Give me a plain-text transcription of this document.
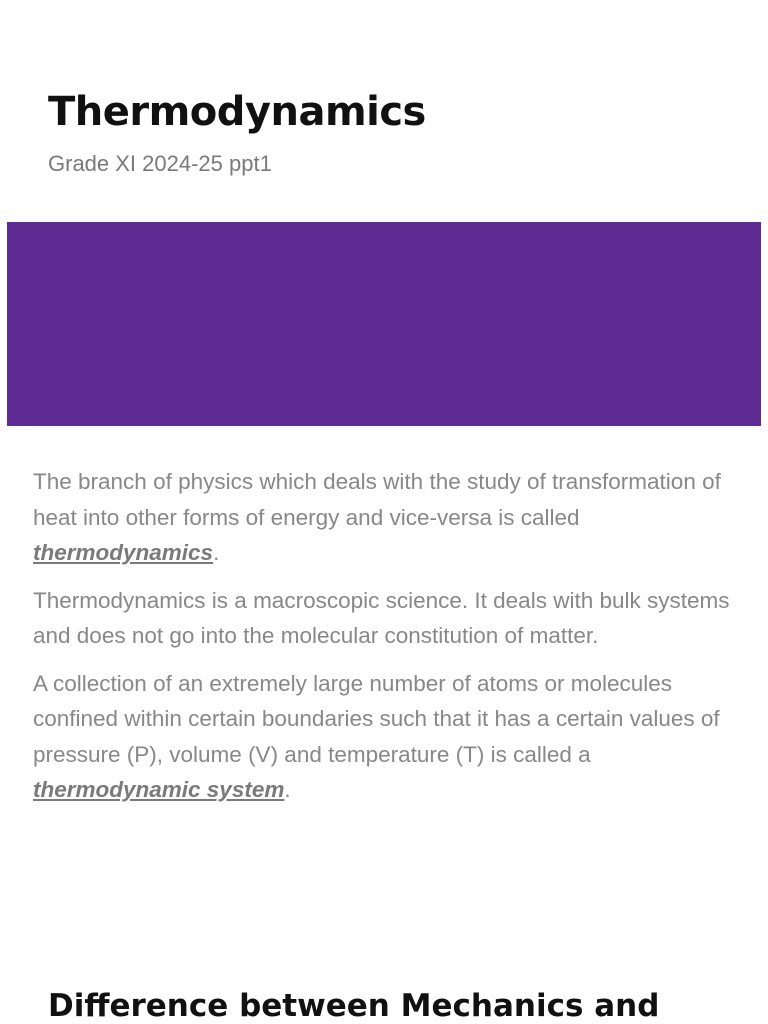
Thermodynamics
Grade XI 2024-25 ppt1

The branch of physics which deals with the study of transformation of heat into other forms of energy and vice-versa is called thermodynamics.

Thermodynamics is a macroscopic science. It deals with bulk systems and does not go into the molecular constitution of matter.

A collection of an extremely large number of atoms or molecules confined within certain boundaries such that it has a certain values of pressure (P), volume (V) and temperature (T) is called a thermodynamic system.

Difference between Mechanics and
